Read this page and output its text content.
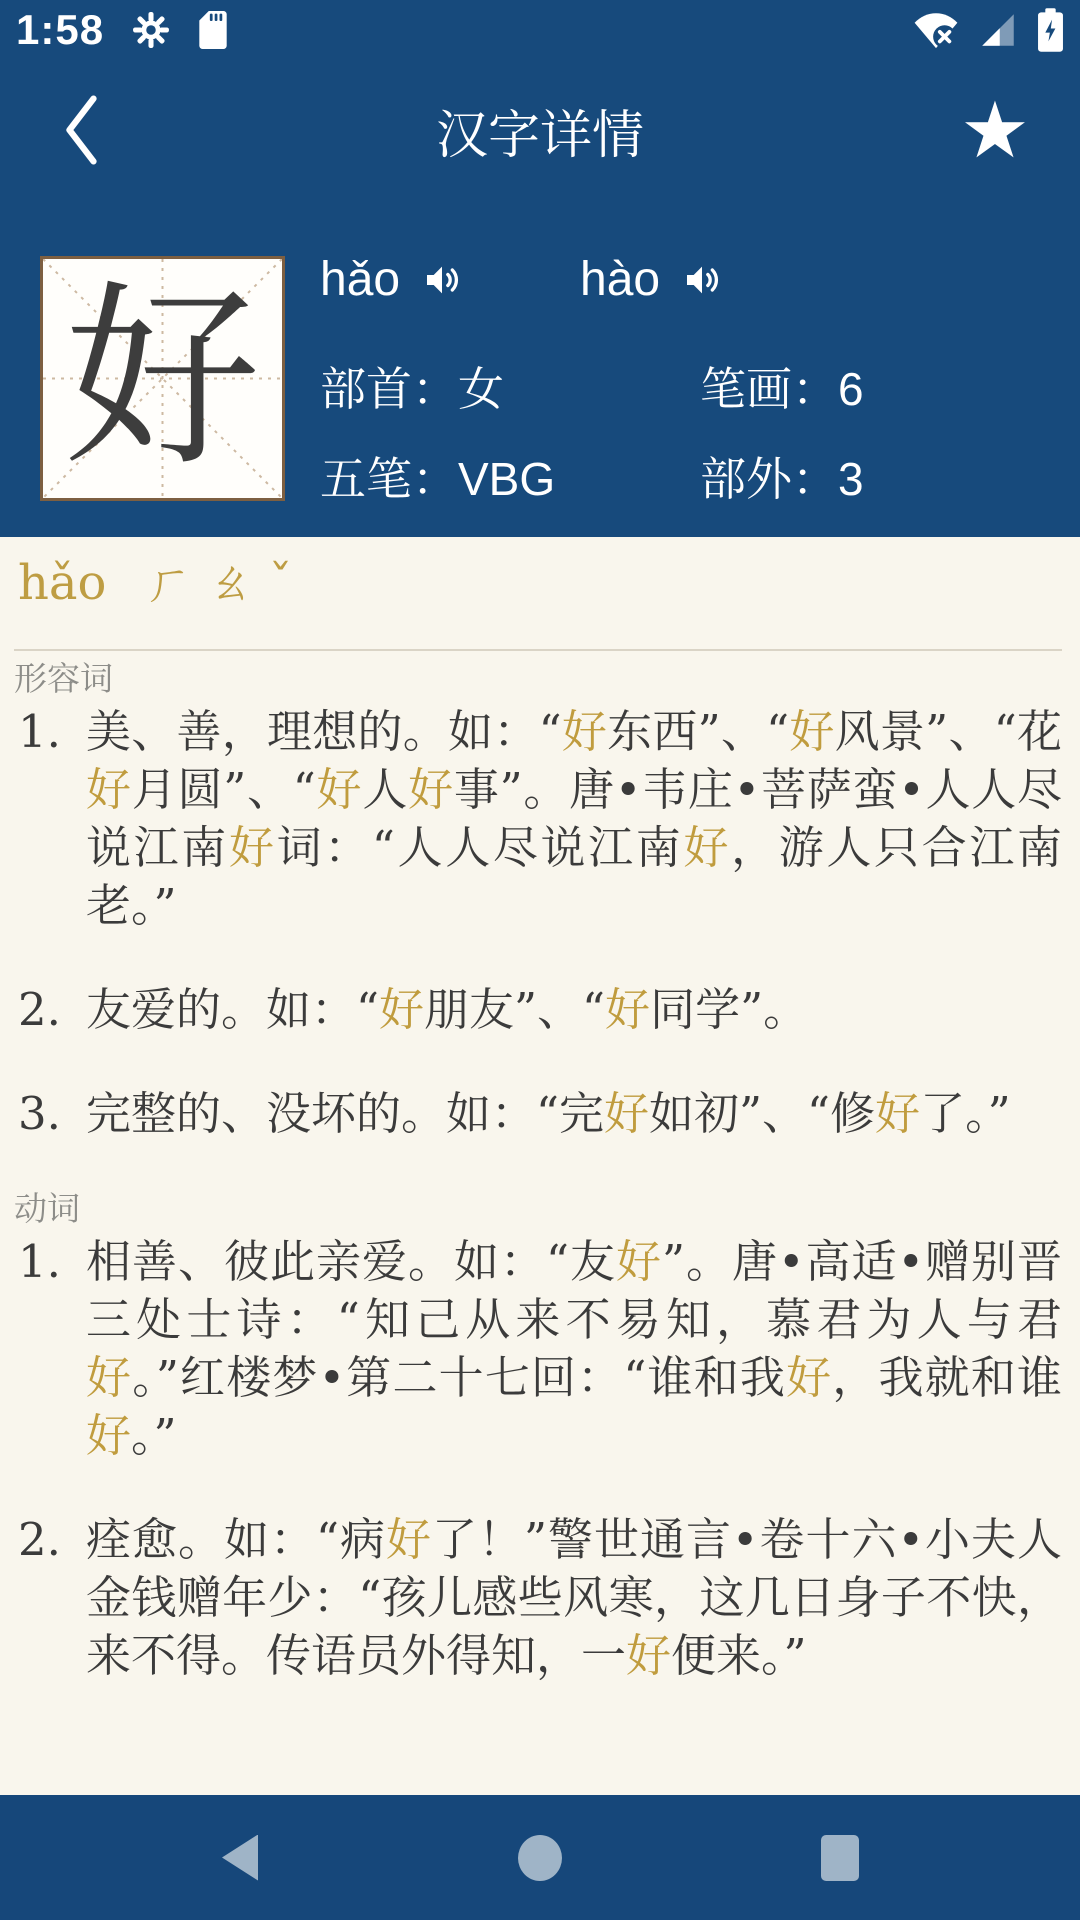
1:58
汉字详情	★
好	hǎo	hào
部首：女	笔画：6
五笔：VBG	部外：3
hǎo ㄏㄠˇ
形容词
1. 美、善，理想的。如：“好东西”、“好风景”、“花好月圆”、“好人好事”。唐•韦庄•菩萨蛮•人人尽说江南好词：“人人尽说江南好，游人只合江南老。”
2. 友爱的。如：“好朋友”、“好同学”。
3. 完整的、没坏的。如：“完好如初”、“修好了。”
动词
1. 相善、彼此亲爱。如：“友好”。唐•高适•赠别晋三处士诗：“知己从来不易知，慕君为人与君好。”红楼梦•第二十七回：“谁和我好，我就和谁好。”
2. 痊愈。如：“病好了！”警世通言•卷十六•小夫人金钱赠年少：“孩儿感些风寒，这几日身子不快，来不得。传语员外得知，一好便来。”
